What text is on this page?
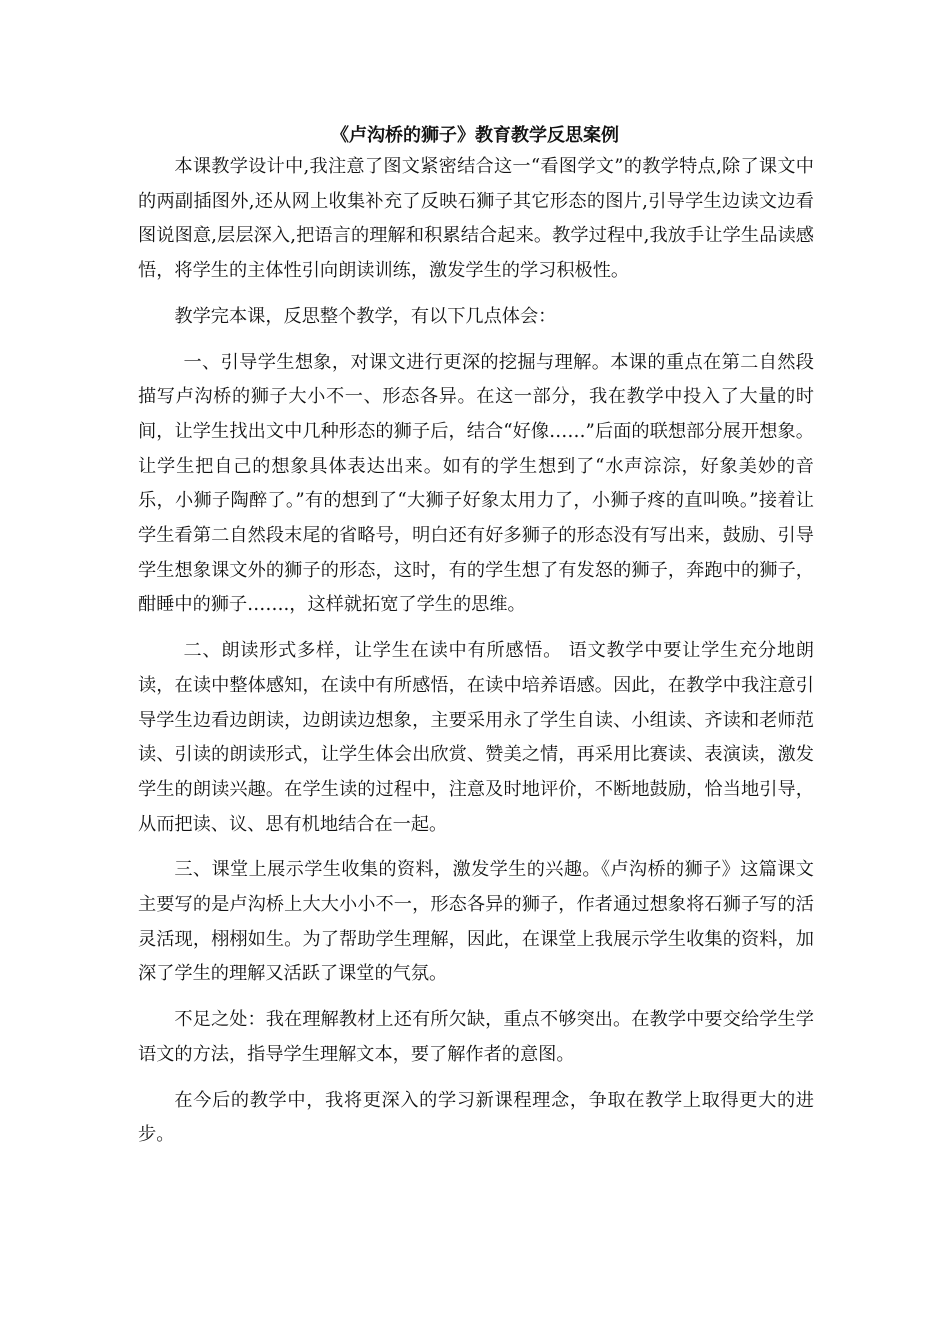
《卢沟桥的狮子》教育教学反思案例

本课教学设计中,我注意了图文紧密结合这一“看图学文”的教学特点,除了课文中的两副插图外,还从网上收集补充了反映石狮子其它形态的图片,引导学生边读文边看图说图意,层层深入,把语言的理解和积累结合起来。教学过程中,我放手让学生品读感悟，将学生的主体性引向朗读训练，激发学生的学习积极性。

教学完本课，反思整个教学，有以下几点体会：

一、引导学生想象，对课文进行更深的挖掘与理解。本课的重点在第二自然段描写卢沟桥的狮子大小不一、形态各异。在这一部分，我在教学中投入了大量的时间，让学生找出文中几种形态的狮子后，结合“好像……”后面的联想部分展开想象。让学生把自己的想象具体表达出来。如有的学生想到了“水声淙淙，好象美妙的音乐，小狮子陶醉了。”有的想到了“大狮子好象太用力了，小狮子疼的直叫唤。”接着让学生看第二自然段末尾的省略号，明白还有好多狮子的形态没有写出来，鼓励、引导学生想象课文外的狮子的形态，这时，有的学生想了有发怒的狮子，奔跑中的狮子，酣睡中的狮子…….，这样就拓宽了学生的思维。

二、朗读形式多样，让学生在读中有所感悟。 语文教学中要让学生充分地朗读，在读中整体感知，在读中有所感悟，在读中培养语感。因此，在教学中我注意引导学生边看边朗读，边朗读边想象，主要采用永了学生自读、小组读、齐读和老师范读、引读的朗读形式，让学生体会出欣赏、赞美之情，再采用比赛读、表演读，激发学生的朗读兴趣。在学生读的过程中，注意及时地评价，不断地鼓励，恰当地引导，从而把读、议、思有机地结合在一起。

三、课堂上展示学生收集的资料，激发学生的兴趣。《卢沟桥的狮子》这篇课文主要写的是卢沟桥上大大小小不一，形态各异的狮子，作者通过想象将石狮子写的活灵活现，栩栩如生。为了帮助学生理解，因此，在课堂上我展示学生收集的资料，加深了学生的理解又活跃了课堂的气氛。

不足之处：我在理解教材上还有所欠缺，重点不够突出。在教学中要交给学生学语文的方法，指导学生理解文本，要了解作者的意图。

在今后的教学中，我将更深入的学习新课程理念，争取在教学上取得更大的进步。
